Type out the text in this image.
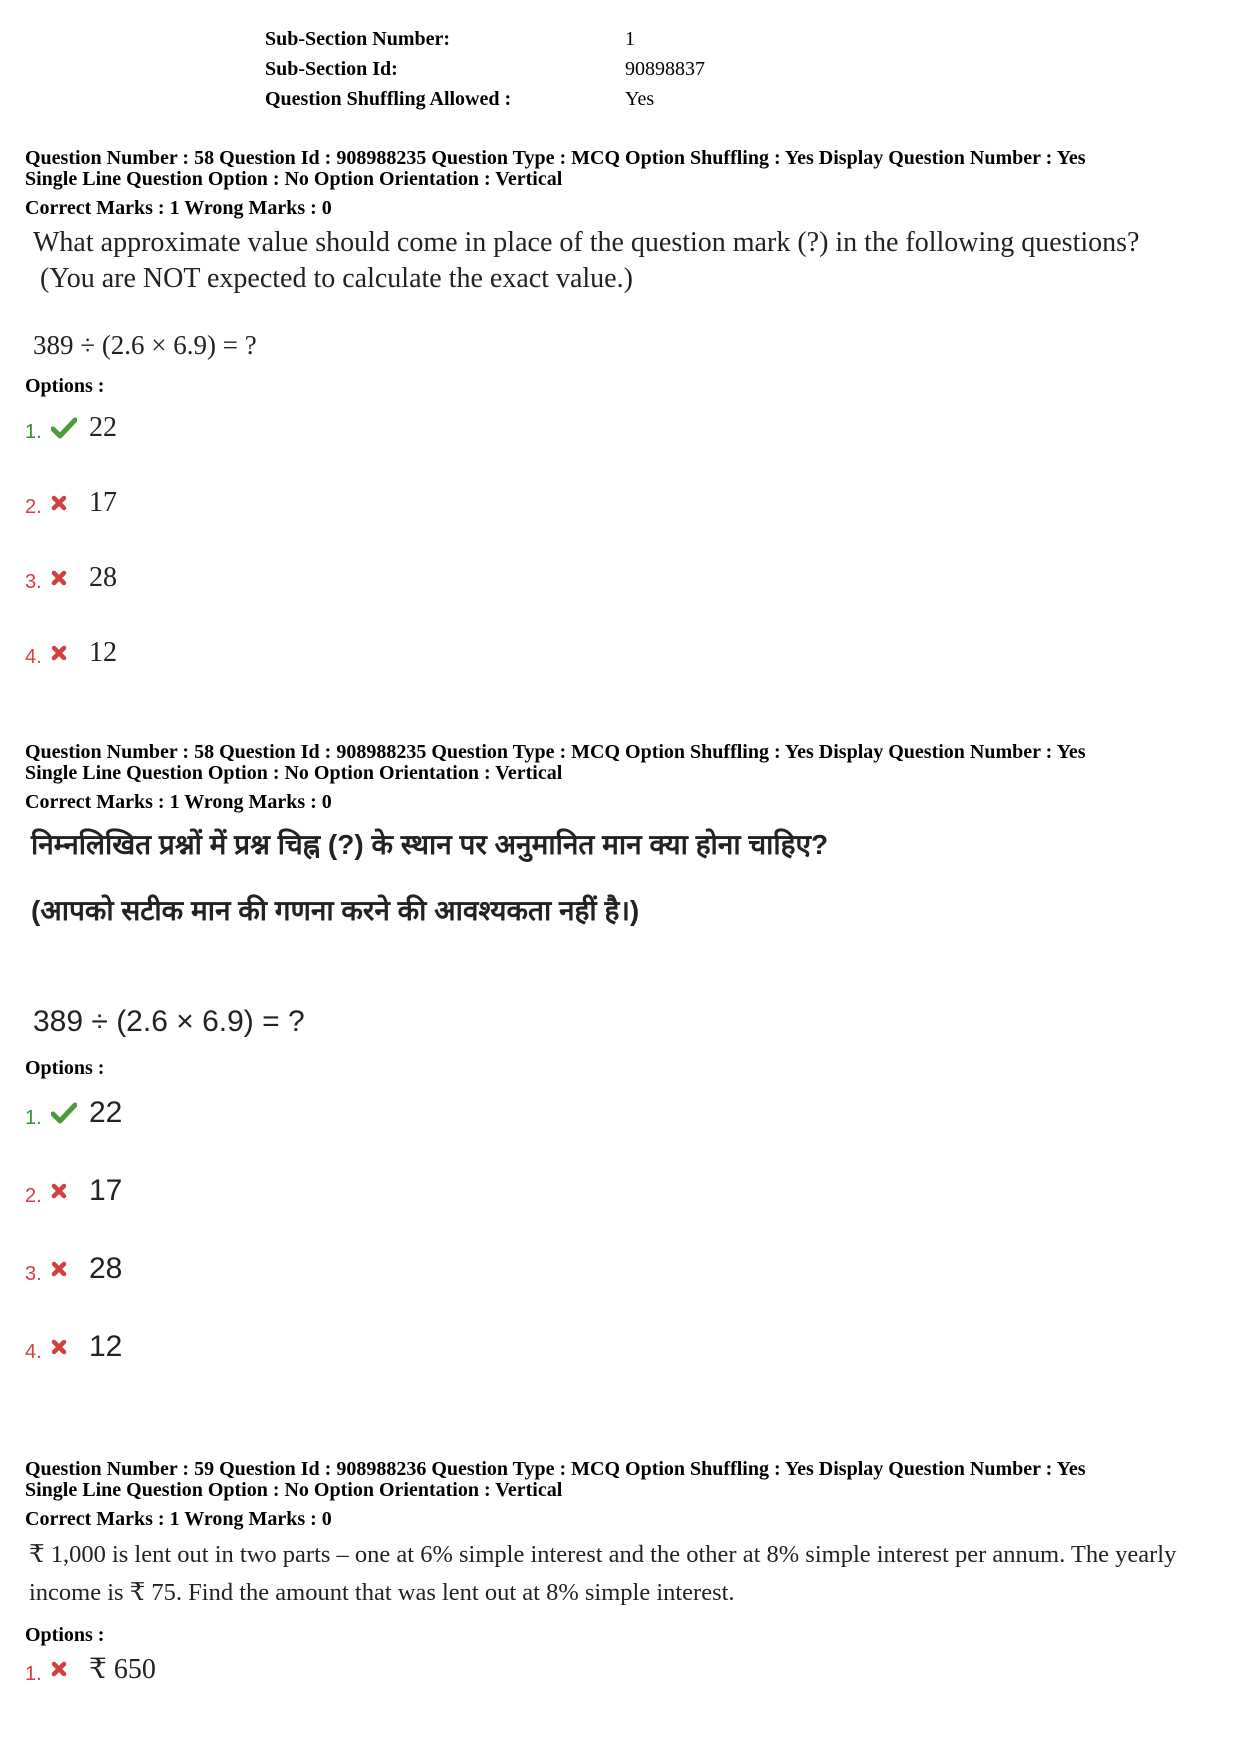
Sub-Section Number:	1
Sub-Section Id:	90898837
Question Shuffling Allowed :	Yes
Question Number : 58 Question Id : 908988235 Question Type : MCQ Option Shuffling : Yes Display Question Number : Yes
Single Line Question Option : No Option Orientation : Vertical
Correct Marks : 1 Wrong Marks : 0
What approximate value should come in place of the question mark (?) in the following questions?
(You are NOT expected to calculate the exact value.)
389 ÷ (2.6 × 6.9) = ?
Options :
1.	22
2.	17
3.	28
4.	12
Question Number : 58 Question Id : 908988235 Question Type : MCQ Option Shuffling : Yes Display Question Number : Yes
Single Line Question Option : No Option Orientation : Vertical
Correct Marks : 1 Wrong Marks : 0
निम्नलिखित प्रश्नों में प्रश्न चिह्न (?) के स्थान पर अनुमानित मान क्या होना चाहिए?
(आपको सटीक मान की गणना करने की आवश्यकता नहीं है।)
389 ÷ (2.6 × 6.9) = ?
Options :
1.	22
2.	17
3.	28
4.	12
Question Number : 59 Question Id : 908988236 Question Type : MCQ Option Shuffling : Yes Display Question Number : Yes
Single Line Question Option : No Option Orientation : Vertical
Correct Marks : 1 Wrong Marks : 0
₹ 1,000 is lent out in two parts – one at 6% simple interest and the other at 8% simple interest per annum. The yearly
income is ₹ 75. Find the amount that was lent out at 8% simple interest.
Options :
1.	₹ 650
